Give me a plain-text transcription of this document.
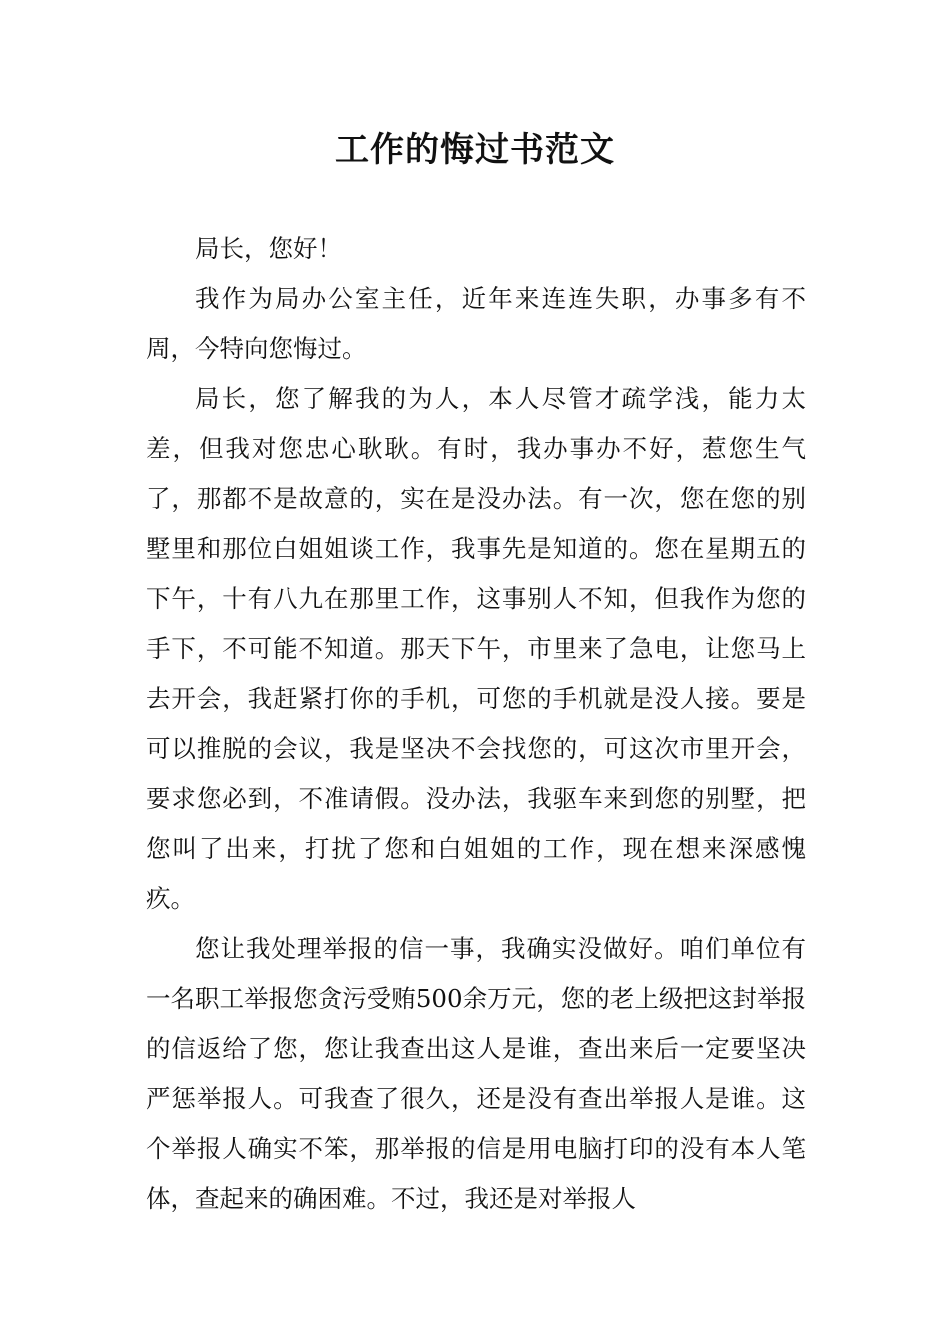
工作的悔过书范文

局长，您好！

我作为局办公室主任，近年来连连失职，办事多有不周，今特向您悔过。

局长，您了解我的为人，本人尽管才疏学浅，能力太差，但我对您忠心耿耿。有时，我办事办不好，惹您生气了，那都不是故意的，实在是没办法。有一次，您在您的别墅里和那位白姐姐谈工作，我事先是知道的。您在星期五的下午，十有八九在那里工作，这事别人不知，但我作为您的手下，不可能不知道。那天下午，市里来了急电，让您马上去开会，我赶紧打你的手机，可您的手机就是没人接。要是可以推脱的会议，我是坚决不会找您的，可这次市里开会，要求您必到，不准请假。没办法，我驱车来到您的别墅，把您叫了出来，打扰了您和白姐姐的工作，现在想来深感愧疚。

您让我处理举报的信一事，我确实没做好。咱们单位有一名职工举报您贪污受贿500余万元，您的老上级把这封举报的信返给了您，您让我查出这人是谁，查出来后一定要坚决严惩举报人。可我查了很久，还是没有查出举报人是谁。这个举报人确实不笨，那举报的信是用电脑打印的没有本人笔体，查起来的确困难。不过，我还是对举报人
